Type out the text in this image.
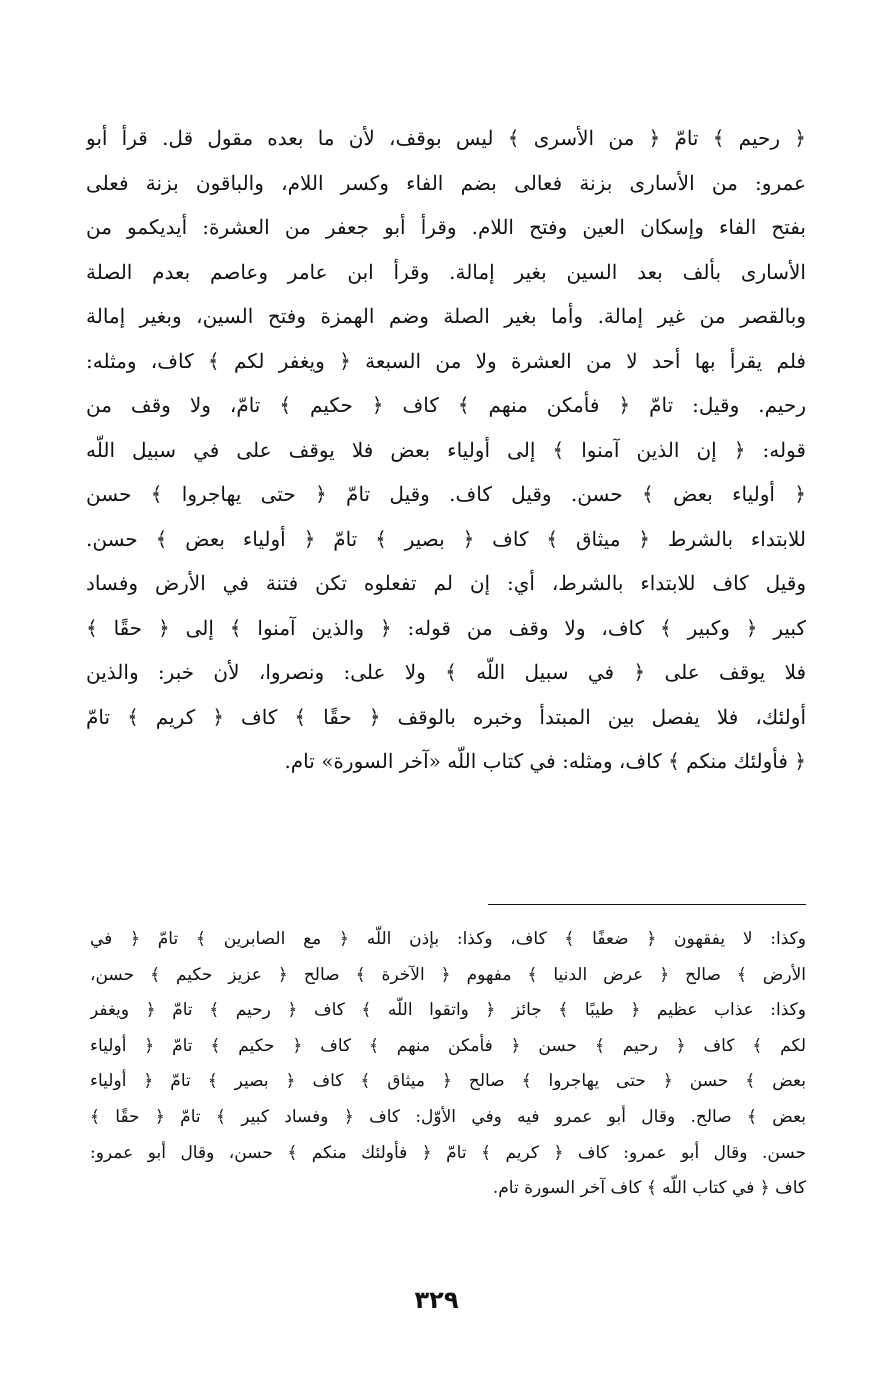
﴿ رحيم ﴾ تامّ ﴿ من الأسرى ﴾ ليس بوقف، لأن ما بعده مقول قل. قرأ أبو
عمرو: من الأسارى بزنة فعالى بضم الفاء وكسر اللام، والباقون بزنة فعلى
بفتح الفاء وإسكان العين وفتح اللام. وقرأ أبو جعفر من العشرة: أيديكمو من
الأسارى بألف بعد السين بغير إمالة. وقرأ ابن عامر وعاصم بعدم الصلة
وبالقصر من غير إمالة. وأما بغير الصلة وضم الهمزة وفتح السين، وبغير إمالة
فلم يقرأ بها أحد لا من العشرة ولا من السبعة ﴿ ويغفر لكم ﴾ كاف، ومثله:
رحيم. وقيل: تامّ ﴿ فأمكن منهم ﴾ كاف ﴿ حكيم ﴾ تامّ، ولا وقف من
قوله: ﴿ إن الذين آمنوا ﴾ إلى أولياء بعض فلا يوقف على في سبيل اللّه
﴿ أولياء بعض ﴾ حسن. وقيل كاف. وقيل تامّ ﴿ حتى يهاجروا ﴾ حسن
للابتداء بالشرط ﴿ ميثاق ﴾ كاف ﴿ بصير ﴾ تامّ ﴿ أولياء بعض ﴾ حسن.
وقيل كاف للابتداء بالشرط، أي: إن لم تفعلوه تكن فتنة في الأرض وفساد
كبير ﴿ وكبير ﴾ كاف، ولا وقف من قوله: ﴿ والذين آمنوا ﴾ إلى ﴿ حقًا ﴾
فلا يوقف على ﴿ في سبيل اللّه ﴾ ولا على: ونصروا، لأن خبر: والذين
أولئك، فلا يفصل بين المبتدأ وخبره بالوقف ﴿ حقًا ﴾ كاف ﴿ كريم ﴾ تامّ
﴿ فأولئك منكم ﴾ كاف، ومثله: في كتاب اللّه «آخر السورة» تام.
وكذا: لا يفقهون ﴿ ضعفًا ﴾ كاف، وكذا: بإذن اللّه ﴿ مع الصابرين ﴾ تامّ ﴿ في
الأرض ﴾ صالح ﴿ عرض الدنيا ﴾ مفهوم ﴿ الآخرة ﴾ صالح ﴿ عزيز حكيم ﴾ حسن،
وكذا: عذاب عظيم ﴿ طيبًا ﴾ جائز ﴿ واتقوا اللّه ﴾ كاف ﴿ رحيم ﴾ تامّ ﴿ ويغفر
لكم ﴾ كاف ﴿ رحيم ﴾ حسن ﴿ فأمكن منهم ﴾ كاف ﴿ حكيم ﴾ تامّ ﴿ أولياء
بعض ﴾ حسن ﴿ حتى يهاجروا ﴾ صالح ﴿ ميثاق ﴾ كاف ﴿ بصير ﴾ تامّ ﴿ أولياء
بعض ﴾ صالح. وقال أبو عمرو فيه وفي الأوّل: كاف ﴿ وفساد كبير ﴾ تامّ ﴿ حقًا ﴾
حسن. وقال أبو عمرو: كاف ﴿ كريم ﴾ تامّ ﴿ فأولئك منكم ﴾ حسن، وقال أبو عمرو:
كاف ﴿ في كتاب اللّه ﴾ كاف آخر السورة تام.
٣٢٩
